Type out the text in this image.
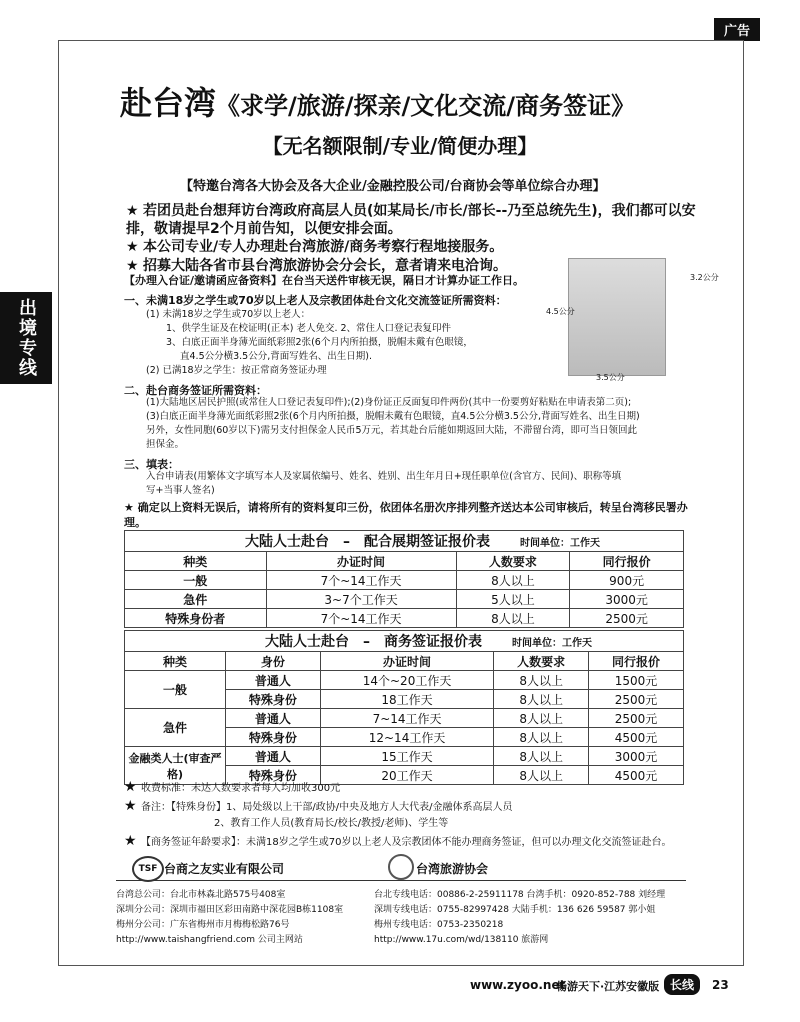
广告
出境专线
赴台湾《求学/旅游/探亲/文化交流/商务签证》
【无名额限制/专业/简便办理】
【特邀台湾各大协会及各大企业/金融控股公司/台商协会等单位综合办理】
★ 若团员赴台想拜访台湾政府高层人员(如某局长/市长/部长--乃至总统先生)，我们都可以安排，敬请提早2个月前告知，以便安排会面。
★ 本公司专业/专人办理赴台湾旅游/商务考察行程地接服务。
★ 招募大陆各省市县台湾旅游协会分会长，意者请来电洽询。
【办理入台证/邀请函应备资料】在台当天送件审核无误，隔日才计算办证工作日。
3.5公分
4.5公分
3.2公分
一、未满18岁之学生或70岁以上老人及宗教团体赴台文化交流签证所需资料：
(1) 未满18岁之学生或70岁以上老人：
1、供学生证及在校证明(正本) 老人免交. 2、常住人口登记表复印件
3、白底正面半身薄光面纸彩照2张(6个月内所拍摄，脱帽未戴有色眼镜，
直4.5公分横3.5公分,背面写姓名、出生日期).
(2) 已满18岁之学生：按正常商务签证办理
二、赴台商务签证所需资料：
(1)大陆地区居民护照(或常住人口登记表复印件);(2)身份证正反面复印件两份(其中一份要剪好粘贴在申请表第二页);
(3)白底正面半身薄光面纸彩照2张(6个月内所拍摄，脱帽未戴有色眼镜，直4.5公分横3.5公分,背面写姓名、出生日期)
另外，女性同胞(60岁以下)需另支付担保金人民币5万元，若其赴台后能如期返回大陆，不滞留台湾，即可当日领回此
担保金。
三、填表：
入台申请表(用繁体文字填写本人及家属依编号、姓名、姓别、出生年月日+现任职单位(含官方、民间)、职称等填
写+当事人签名)
★ 确定以上资料无误后，请将所有的资料复印三份，依团体名册次序排列整齐送达本公司审核后，转呈台湾移民署办理。
大陆人士赴台　–　配合展期签证报价表 时间单位：工作天			
种类	办证时间	人数要求	同行报价
一般	7个~14工作天	8人以上	900元
急件	3~7个工作天	5人以上	3000元
特殊身份者	7个~14工作天	8人以上	2500元
大陆人士赴台　–　商务签证报价表 时间单位：工作天				
种类	身份	办证时间	人数要求	同行报价
一般	普通人	14个~20工作天	8人以上	1500元
	特殊身份	18工作天	8人以上	2500元
急件	普通人	7~14工作天	8人以上	2500元
	特殊身份	12~14工作天	8人以上	4500元
金融类人士(审查严格)	普通人	15工作天	8人以上	3000元
	特殊身份	20工作天	8人以上	4500元
★ 收费标准：未达人数要求者每人均加收300元
★ 备注：【特殊身份】1、局处级以上干部/政协/中央及地方人大代表/金融体系高层人员
2、教育工作人员(教育局长/校长/教授/老师)、学生等
★ 【商务签证年龄要求】：未满18岁之学生或70岁以上老人及宗教团体不能办理商务签证，但可以办理文化交流签证赴台。
TSF 台商之友实业有限公司	台湾旅游协会
台湾总公司：台北市林森北路575号408室
深圳分公司：深圳市福田区彩田南路中深花园B栋1108室
梅州分公司：广东省梅州市月梅梅松路76号
http://www.taishangfriend.com 公司主网站
台北专线电话：00886-2-25911178 台湾手机：0920-852-788 刘经理
深圳专线电话：0755-82997428 大陆手机：136 626 59587 郭小姐
梅州专线电话：0753-2350218
http://www.17u.com/wd/138110 旅游网
www.zyoo.net
畅游天下·江苏安徽版 长线	23
